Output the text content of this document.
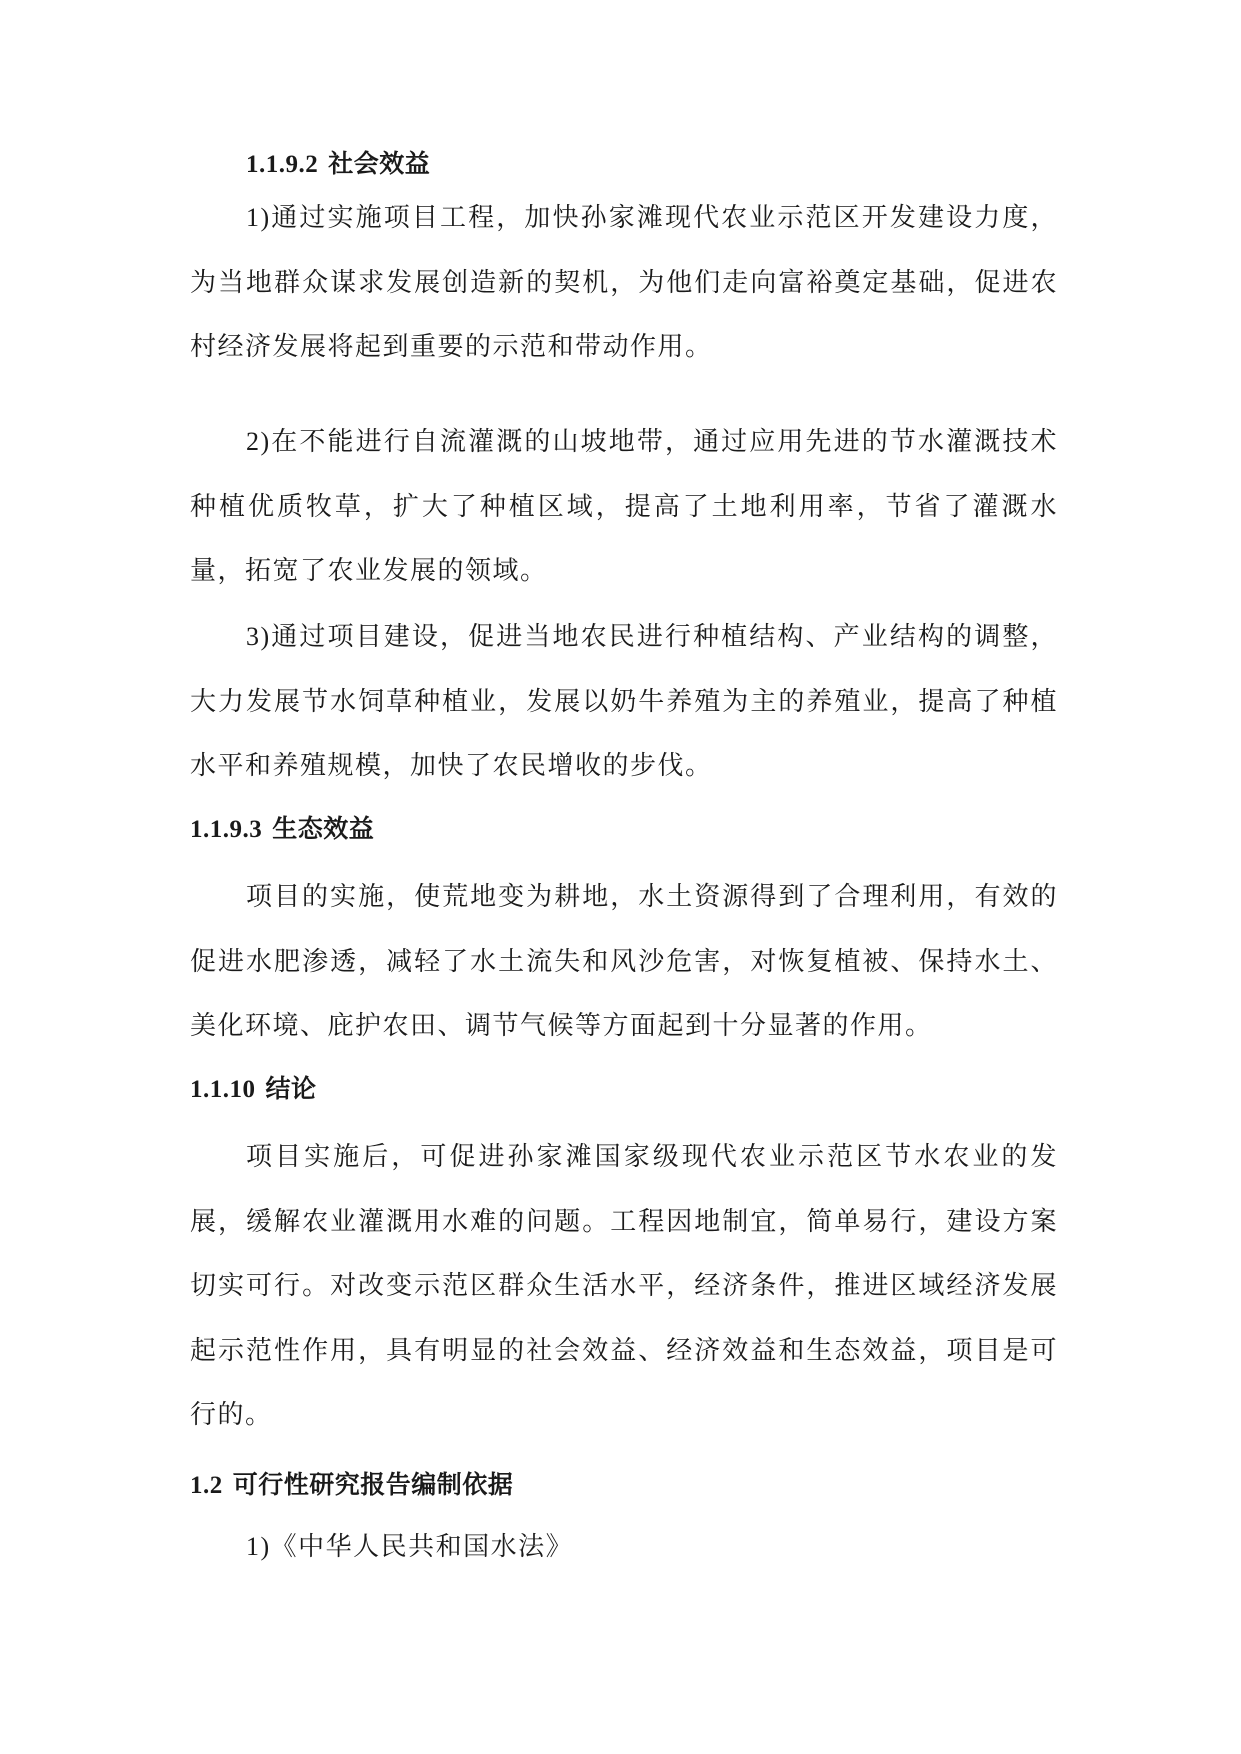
1.1.9.2 社会效益
1)通过实施项目工程，加快孙家滩现代农业示范区开发建设力度，为当地群众谋求发展创造新的契机，为他们走向富裕奠定基础，促进农村经济发展将起到重要的示范和带动作用。
2)在不能进行自流灌溉的山坡地带，通过应用先进的节水灌溉技术种植优质牧草，扩大了种植区域，提高了土地利用率，节省了灌溉水量，拓宽了农业发展的领域。
3)通过项目建设，促进当地农民进行种植结构、产业结构的调整，大力发展节水饲草种植业，发展以奶牛养殖为主的养殖业，提高了种植水平和养殖规模，加快了农民增收的步伐。
1.1.9.3 生态效益
项目的实施，使荒地变为耕地，水土资源得到了合理利用，有效的促进水肥渗透，减轻了水土流失和风沙危害，对恢复植被、保持水土、美化环境、庇护农田、调节气候等方面起到十分显著的作用。
1.1.10 结论
项目实施后，可促进孙家滩国家级现代农业示范区节水农业的发展，缓解农业灌溉用水难的问题。工程因地制宜，简单易行，建设方案切实可行。对改变示范区群众生活水平，经济条件，推进区域经济发展起示范性作用，具有明显的社会效益、经济效益和生态效益，项目是可行的。
1.2 可行性研究报告编制依据
1)《中华人民共和国水法》
